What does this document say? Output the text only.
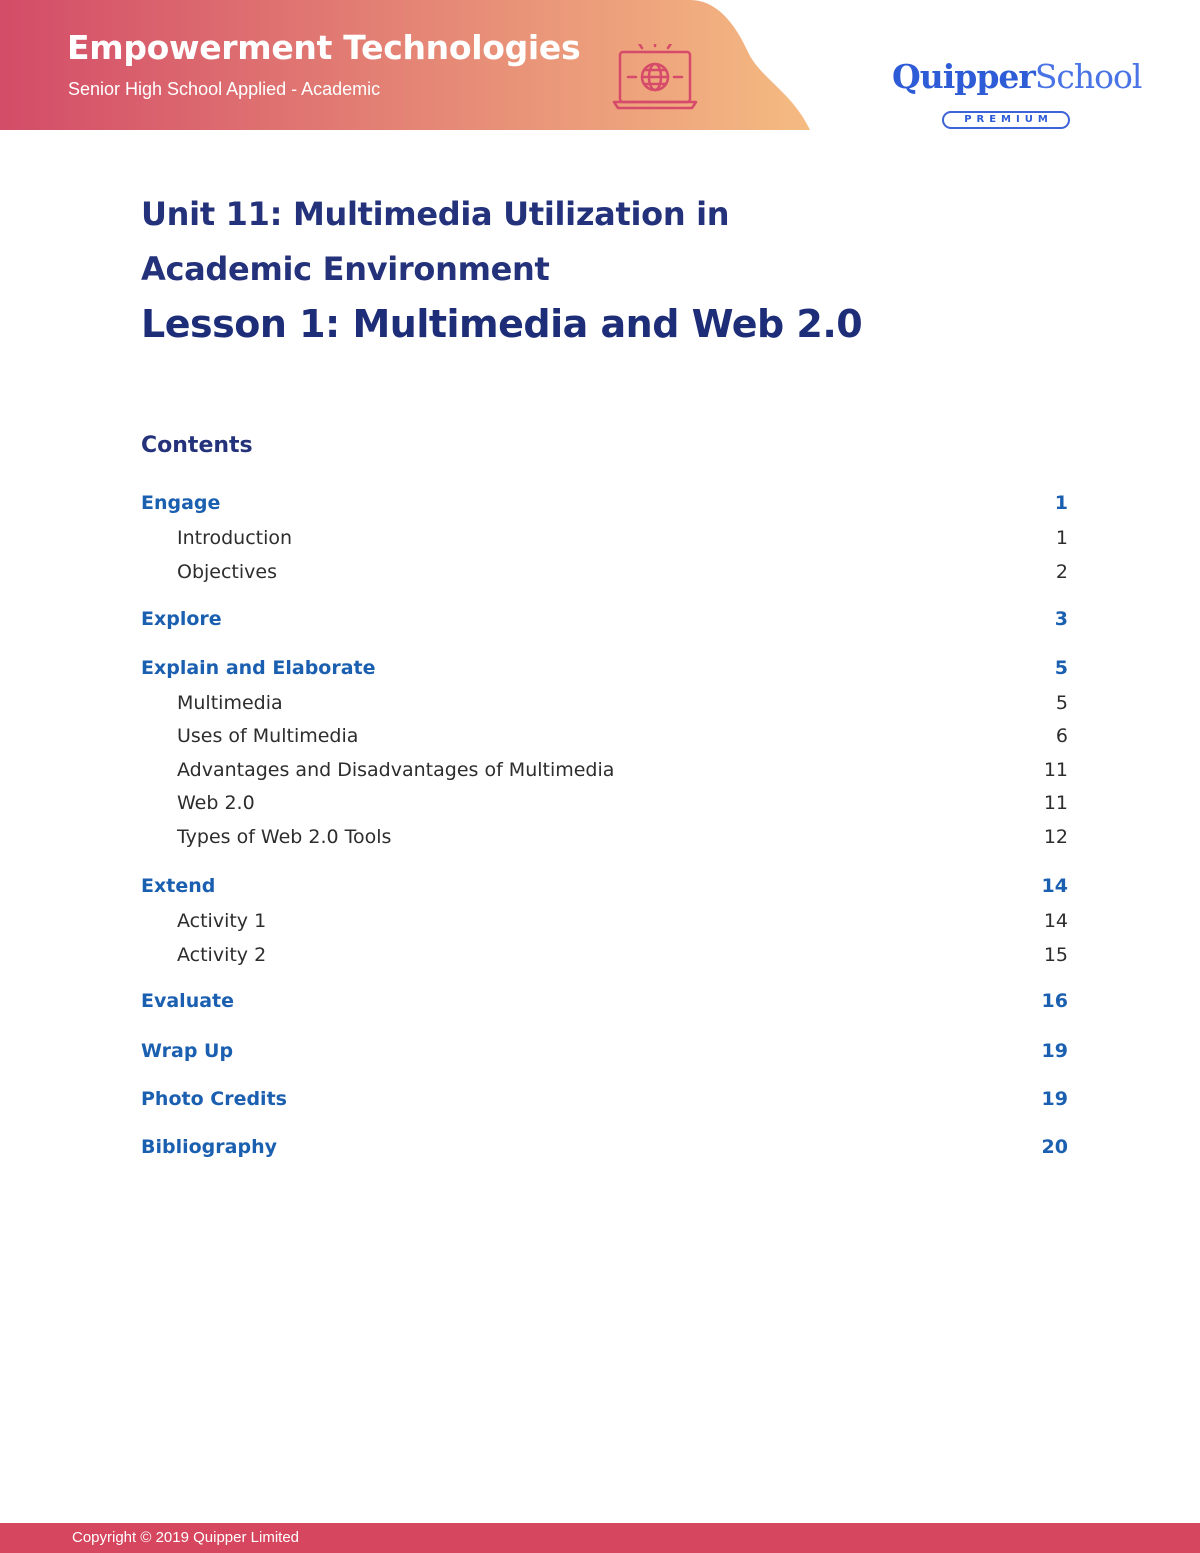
Empowerment Technologies

Senior High School Applied - Academic	QuipperSchool
PREMIUM
Unit 11: Multimedia Utilization in Academic Environment
Lesson 1: Multimedia and Web 2.0
Contents
Engage	1
Introduction	1
Objectives	2
Explore	3
Explain and Elaborate	5
Multimedia	5
Uses of Multimedia	6
Advantages and Disadvantages of Multimedia	11
Web 2.0	11
Types of Web 2.0 Tools	12
Extend	14
Activity 1	14
Activity 2	15
Evaluate	16
Wrap Up	19
Photo Credits	19
Bibliography	20

Copyright © 2019 Quipper Limited
